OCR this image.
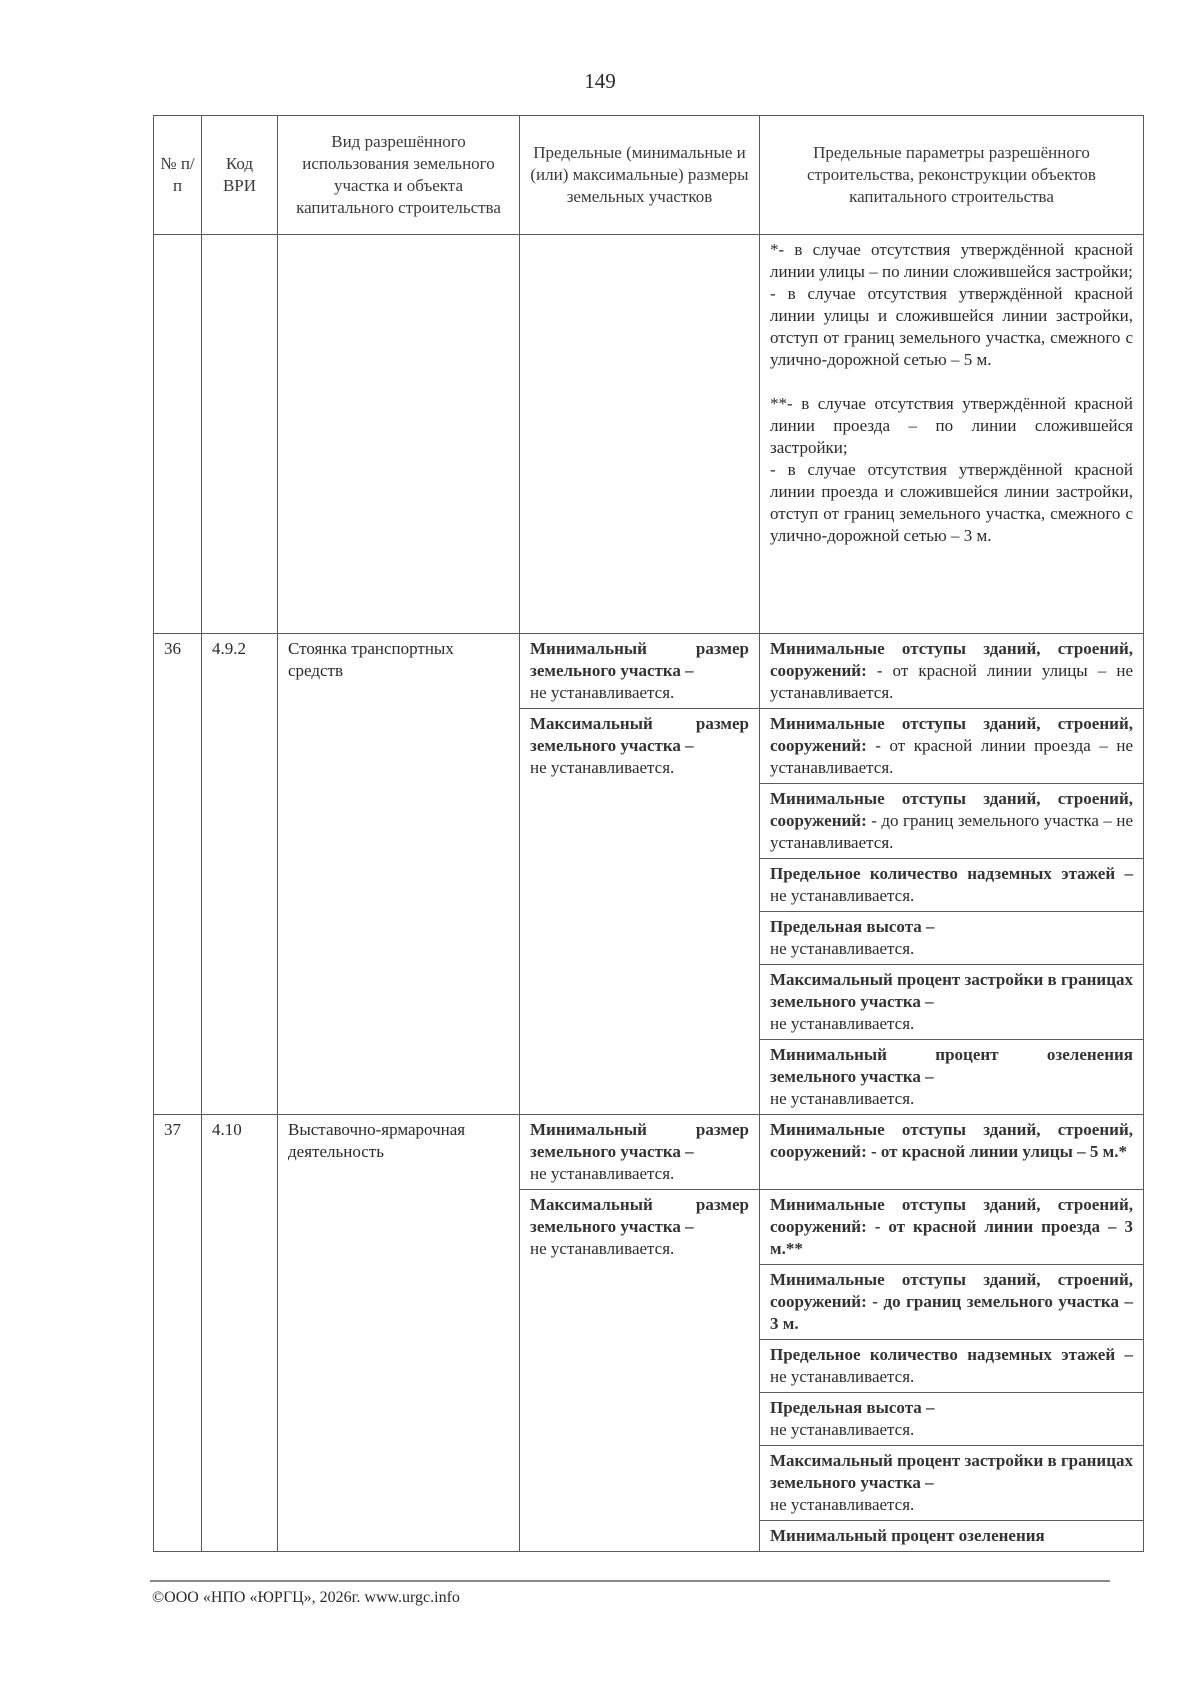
149
№ п/п	Код ВРИ	Вид разрешённого использования земельного участка и объекта капитального строительства	Предельные (минимальные и (или) максимальные) размеры земельных участков	Предельные параметры разрешённого строительства, реконструкции объектов капитального строительства

				*- в случае отсутствия утверждённой красной линии улицы – по линии сложившейся застройки;
- в случае отсутствия утверждённой красной линии улицы и сложившейся линии застройки, отступ от границ земельного участка, смежного с улично-дорожной сетью – 5 м.
**- в случае отсутствия утверждённой красной линии проезда – по линии сложившейся застройки;
- в случае отсутствия утверждённой красной линии проезда и сложившейся линии застройки, отступ от границ земельного участка, смежного с улично-дорожной сетью – 3 м.

36	4.9.2	Стоянка транспортных средств	Минимальный размер земельного участка –
не устанавливается.	Минимальные отступы зданий, строений, сооружений: - от красной линии улицы – не устанавливается.
			Максимальный размер земельного участка –
не устанавливается.	Минимальные отступы зданий, строений, сооружений: - от красной линии проезда – не устанавливается.
				Минимальные отступы зданий, строений, сооружений: - до границ земельного участка – не устанавливается.
				Предельное количество надземных этажей – не устанавливается.
				Предельная высота –
не устанавливается.
				Максимальный процент застройки в границах земельного участка –
не устанавливается.
				Минимальный процент озеленения земельного участка –
не устанавливается.
37	4.10	Выставочно-ярмарочная деятельность	Минимальный размер земельного участка –
не устанавливается.	Минимальные отступы зданий, строений, сооружений: - от красной линии улицы – 5 м.*
			Максимальный размер земельного участка –
не устанавливается.	Минимальные отступы зданий, строений, сооружений: - от красной линии проезда – 3 м.**
				Минимальные отступы зданий, строений, сооружений: - до границ земельного участка – 3 м.
				Предельное количество надземных этажей – не устанавливается.
				Предельная высота –
не устанавливается.
				Максимальный процент застройки в границах земельного участка –
не устанавливается.
				Минимальный процент озеленения
©ООО «НПО «ЮРГЦ», 2026г. www.urgc.info
